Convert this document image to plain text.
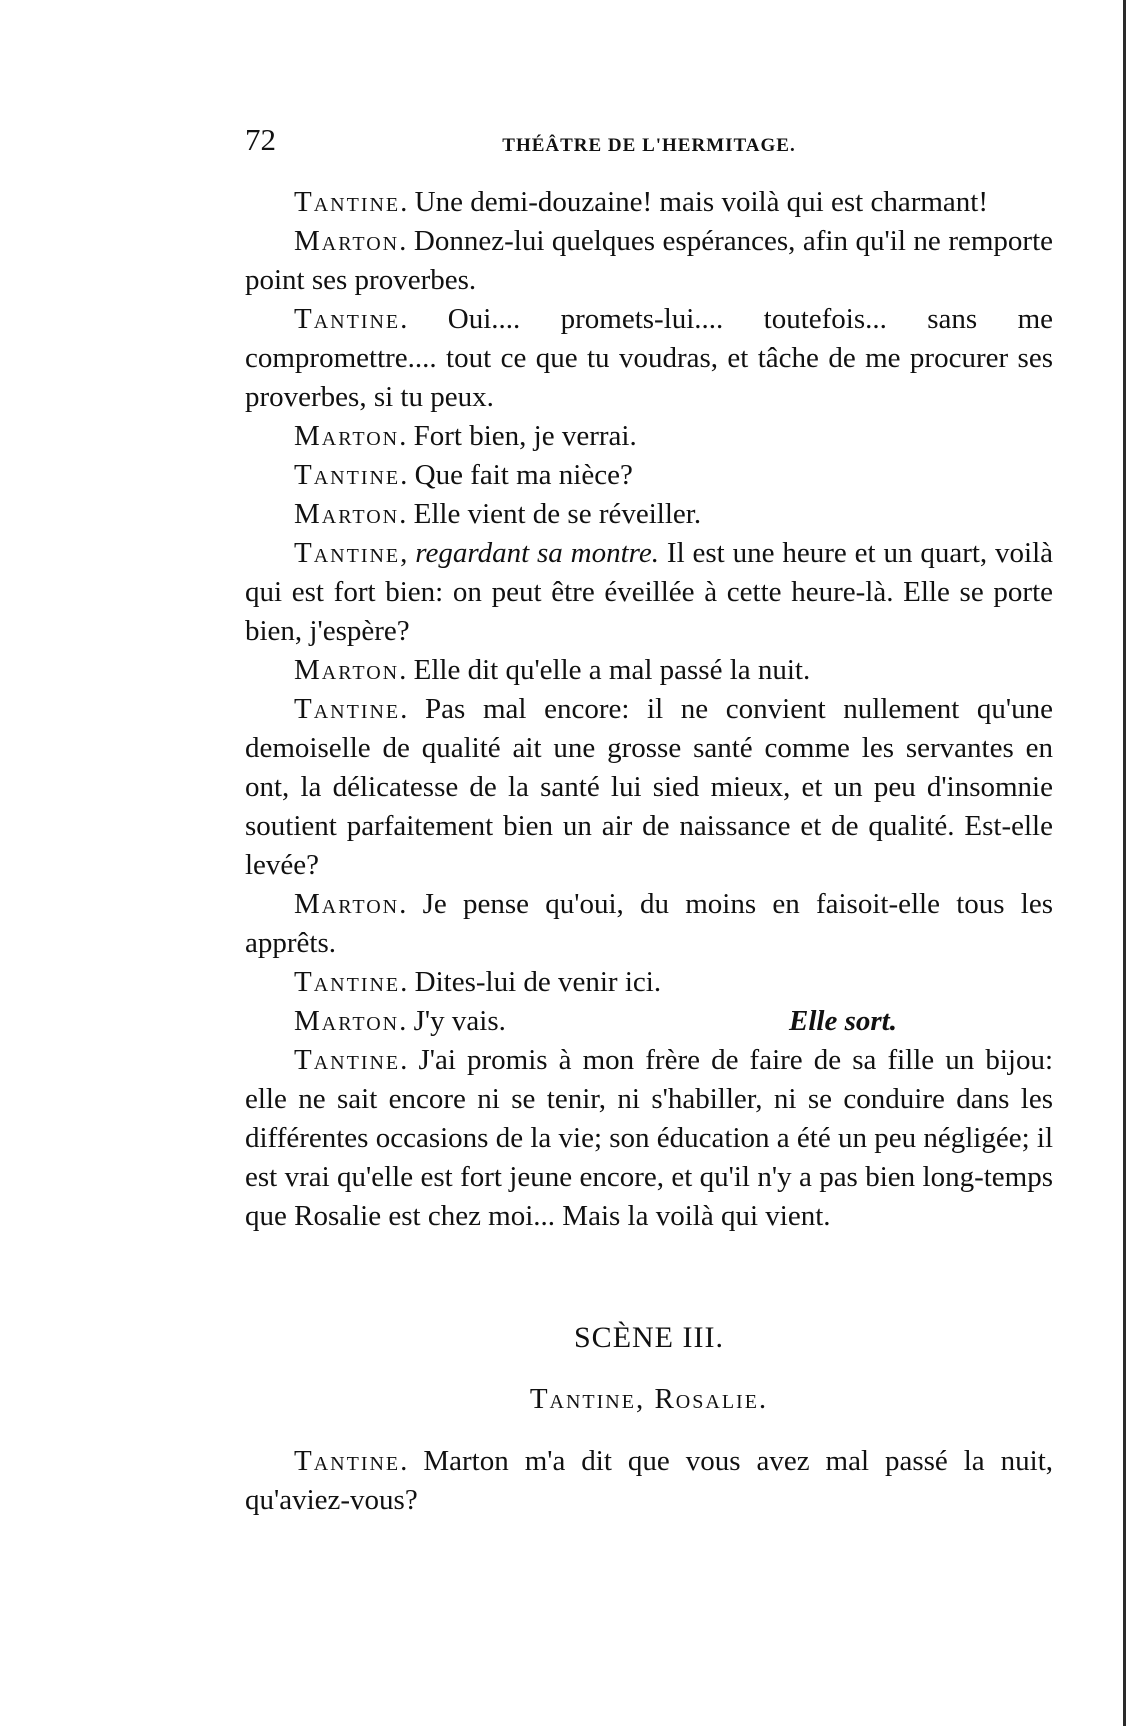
72	THÉÂTRE DE L'HERMITAGE.

Tantine. Une demi-douzaine! mais voilà qui est charmant!

Marton. Donnez-lui quelques espérances, afin qu'il ne remporte point ses proverbes.

Tantine. Oui.... promets-lui.... toutefois... sans me compromettre.... tout ce que tu voudras, et tâche de me procurer ses proverbes, si tu peux.

Marton. Fort bien, je verrai.

Tantine. Que fait ma nièce?

Marton. Elle vient de se réveiller.

Tantine, regardant sa montre. Il est une heure et un quart, voilà qui est fort bien: on peut être éveillée à cette heure-là. Elle se porte bien, j'espère?

Marton. Elle dit qu'elle a mal passé la nuit.

Tantine. Pas mal encore: il ne convient nullement qu'une demoiselle de qualité ait une grosse santé comme les servantes en ont, la délicatesse de la santé lui sied mieux, et un peu d'insomnie soutient parfaitement bien un air de naissance et de qualité. Est-elle levée?

Marton. Je pense qu'oui, du moins en faisoit-elle tous les apprêts.

Tantine. Dites-lui de venir ici.

Marton. J'y vais.	Elle sort.

Tantine. J'ai promis à mon frère de faire de sa fille un bijou: elle ne sait encore ni se tenir, ni s'habiller, ni se conduire dans les différentes occasions de la vie; son éducation a été un peu négligée; il est vrai qu'elle est fort jeune encore, et qu'il n'y a pas bien long-temps que Rosalie est chez moi... Mais la voilà qui vient.

SCÈNE III.
Tantine, Rosalie.

Tantine. Marton m'a dit que vous avez mal passé la nuit, qu'aviez-vous?
